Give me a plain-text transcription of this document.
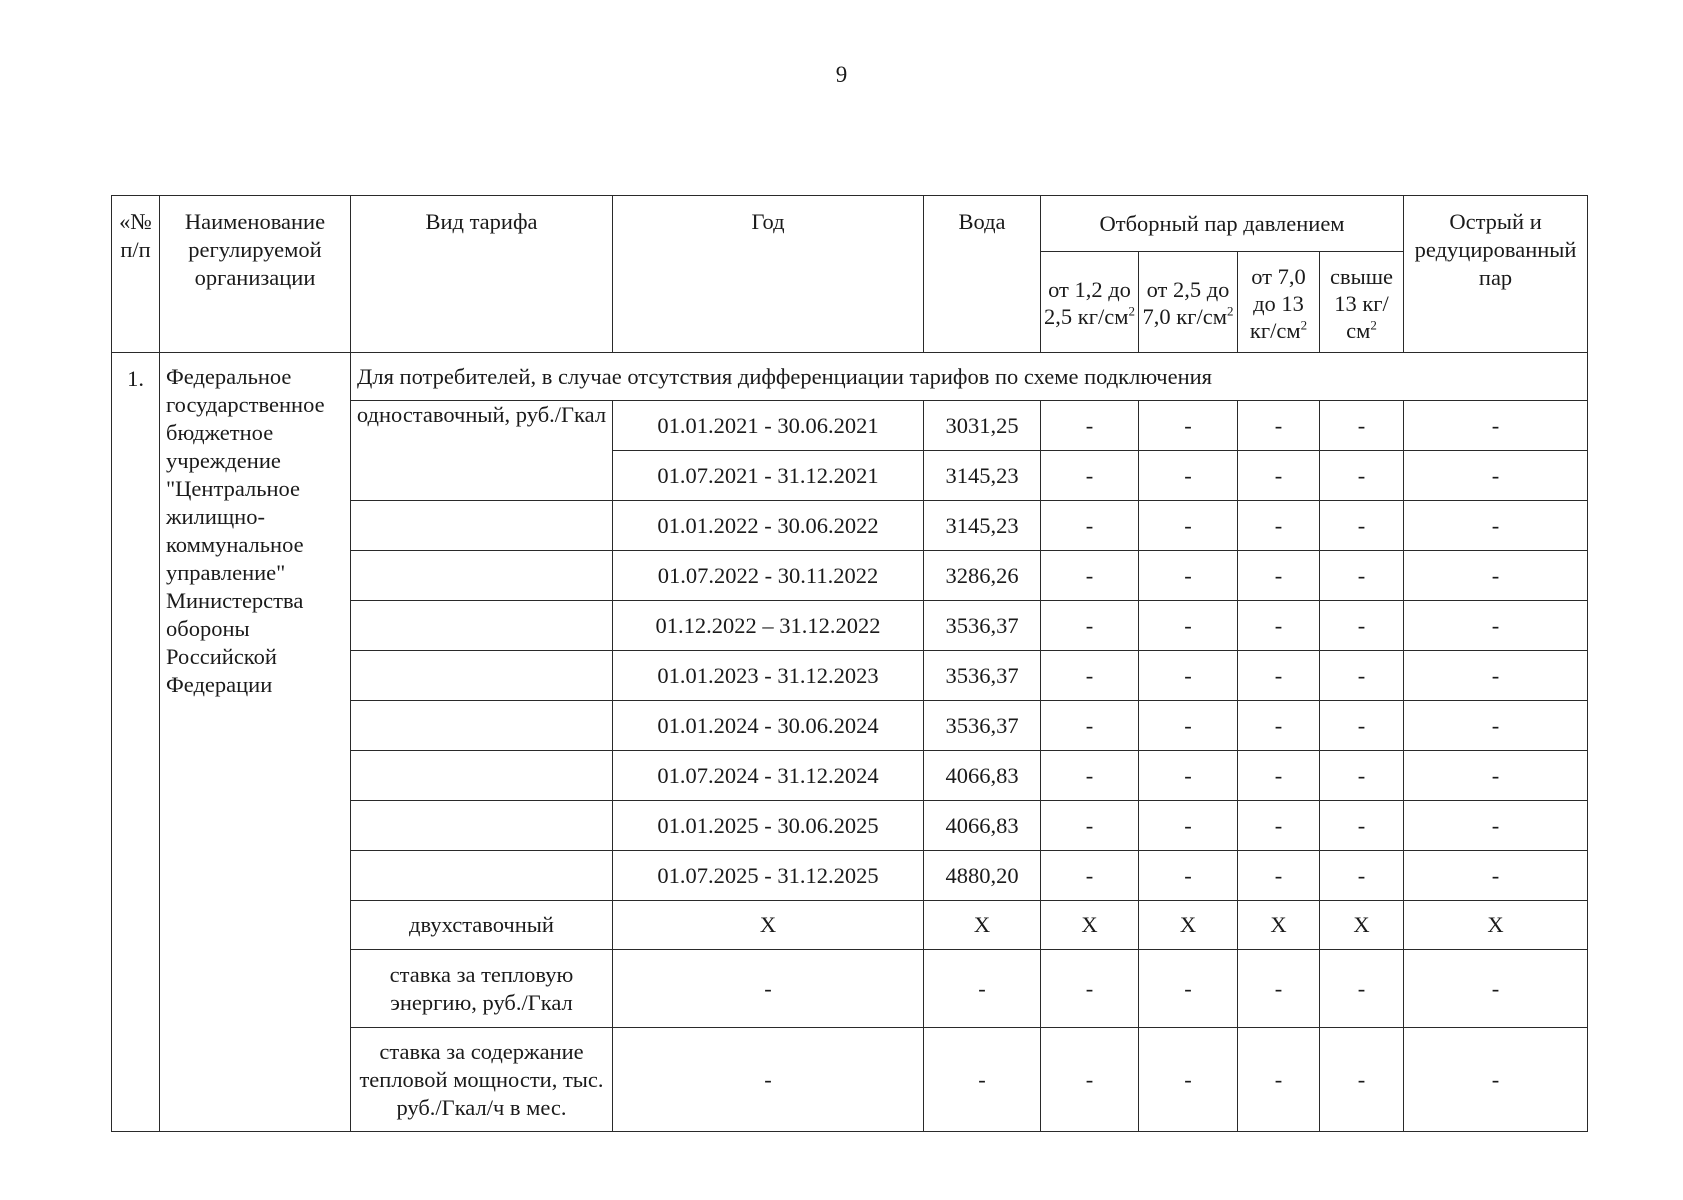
9
«№ п/п	Наименование регулируемой организации	Вид тарифа	Год	Вода	Отборный пар давлением				Острый и редуцированный пар
					от 1,2 до 2,5 $кг/см^2$	от 2,5 до 7,0 $кг/см^2$	от 7,0 до 13 $кг/см^2$	свыше 13 $кг/см^2$
1.	Федеральное государственное бюджетное учреждение "Центральное жилищно-коммунальное управление" Министерства обороны Российской Федерации	Для потребителей, в случае отсутствия дифференциации тарифов по схеме подключения							
		одноставочный, руб./Гкал	01.01.2021 - 30.06.2021	3031,25	-	-	-	-	-
			01.07.2021 - 31.12.2021	3145,23	-	-	-	-	-
			01.01.2022 - 30.06.2022	3145,23	-	-	-	-	-
			01.07.2022 - 30.11.2022	3286,26	-	-	-	-	-
			01.12.2022 – 31.12.2022	3536,37	-	-	-	-	-
			01.01.2023 - 31.12.2023	3536,37	-	-	-	-	-
			01.01.2024 - 30.06.2024	3536,37	-	-	-	-	-
			01.07.2024 - 31.12.2024	4066,83	-	-	-	-	-
			01.01.2025 - 30.06.2025	4066,83	-	-	-	-	-
			01.07.2025 - 31.12.2025	4880,20	-	-	-	-	-
		двухставочный	X	X	X	X	X	X	X
		ставка за тепловую энергию, руб./Гкал	-	-	-	-	-	-	-
		ставка за содержание тепловой мощности, тыс. руб./Гкал/ч в мес.	-	-	-	-	-	-	-
